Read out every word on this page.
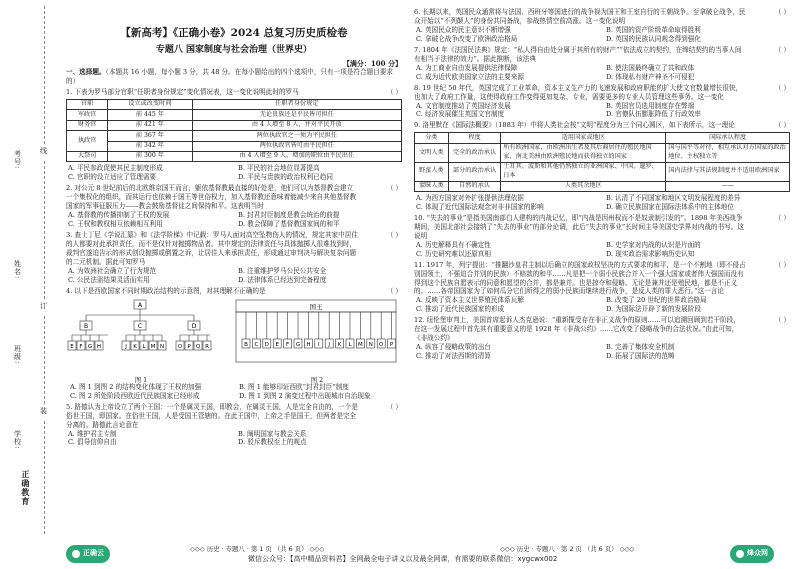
考号:
姓名:
班级:
学校:
线
订
装
正确教育
【新高考】《正确小卷》2024 总复习历史质检卷
专题八 国家制度与社会治理（世界史）
【满分：100 分】
一、选择题。（本题共 16 小题，每小题 3 分，共 48 分。在每小题给出的四个选项中，只有一项是符合题目要求的）
1. 下表为罗马部分官职“任职者身份规定”变化情况表，这一变化说明此时的罗马	（ ）
官职	设立或改变时间	任职者身份规定
军政官	前 445 年	无论贵族还是平民皆可担任
财务官	前 421 年	由 4 人增至 8 人，并对平民开放
执政官	前 367 年	两位执政官之一须为平民担任
	前 342 年	两位执政官皆可由平民担任
大祭司	前 300 年	由 4 人增至 9 人，增加的职位由平民出任
A. 平民参政促使其民主制度形成	B. 平民的社会地位显著提高
C. 官职的设立适应了管理需要	D. 平民与贵族的政治权利已趋同
2. 对公元 8 世纪前后的北欧维京国王而言，躯依基督教最直接的好处是，他们可以为基督教会建立一个集权化的组织，而其运行也依赖于国王等世俗权力，加入基督教还意味着能减少来自其他基督教国家的军事征服压力——教会鼓励基督徒之间保持和平。这表明当时
（ ）
A. 基督教的传播抑制了王权的发展	B. 封君封臣制度是教会统治的前提
C. 王权和教权相互依赖相互利用	D. 教会保障了基督教国家间的和平
3. 查士丁尼《学说汇纂》和《法学阶梯》中记载：罗马人面对高空坠物伤人的情况，规定其家中居住的人都要对此承担责任，而不是仅针对抛掷物品者。其中规定的法律责任与具体抛掷人很难找到时，裁判官遂迫告示的形式创设抛掷或倒置之诉，让居住人来承担责任，形成通过审判决与解决复杂问题的二元机制。据此可知罗马
（ ）
A. 为效洲社会确立了行为规范	B. 注重维护罗马公民公共安全
C. 公民法需结果灵活而实用	D. 法律体系已经达到完备程度
4. 以下是西欧国家不同时期政治结构的示意图，对其理解不正确的是	（ ）
A
B	C	D
E F G H	J K L M N	O P Q R
图 1
国王
B C D E F G H I J K L M N O P
图 2
A. 图 1 到图 2 的结构变化体现了王权的加强	B. 图 1 能够印证西欧“封君封臣”制度
C. 图 2 所处阶段西欧近代民族国家已经形成	D. 图 1 到图 2 演变过程中出现城市自治现象
5. 路德认为上帝设立了两个王国：一个是属灵王国，即教会，在属灵王国，人是完全自由的，一个是俗世王国，即国家。在俗世王国，人是受国王管辖的。在此王国中，上帝之手是国王，但两者是完全分离的。路德此言论意在
（ ）
A. 维护君主专制	B. 阐明国家与教会关系
C. 倡导信仰自由	D. 驳斥教权至上的观点
6. 长期以来，英国民众通常将与法国、西班牙等国进行的战争视为国王和王室自行的王朝战争。至拿破仑战争，民众开始以“不列颠人”的身份共同备战，参战热情空前高涨。这一变化说明
（ ）
A. 英国民众的民主意识不断增强	B. 英国的资产阶级革命取得胜利
C. 拿破仑战争改变了欧洲政治格局	D. 英国的民族认同观念得到强化
7. 1804 年《法国民法典》规定：“私人得自由处分属于其所有的财产”“依法成立的契约，在缔结契约的当事人间有相当于法律的效力”。据此推断，该法典
（ ）
A. 为工商业自由发展提供法律保障	B. 使法国最终确立了共和政体
C. 成为近代欧美国家立法的主要来源	D. 体现私有财产神圣不可侵犯
8. 19 世纪 50 年代，英国完成了工业革命，资本主义生产力的飞速发展和政府职能的扩大使文官数量增长很快，也加大了政府工作量，这使得政府工作变得更加复杂、专业，需要更多的专业人员管理这些事务。这一变化
（ ）
A. 文官制度推动了英国经济发展	B. 英国官员选用制度存在弊端
C. 经济发展催生英国文官制度	D. 官僚队伍膨胀降低了行政效率
9. 洛里默在《国际法概要》（1883 年）中将人类社会按“文明”程度分为三个同心圆区，如下表所示，这一理论	（ ）
分类	程度	适用国家或地区	国际承认程度
文明人类	完全的政治承认	所有欧洲国家，由欧洲出生者及其后裔居住的殖民地国家、南北美洲由欧洲殖民地而获得独立的国家	国与国平等对待，相互承认对方国家的政治地位、主权独立等
野蛮人类	部分的政治承认	土耳其、波斯和其他仍然独立的亚洲国家、中国、暹罗、日本	国内法律与其法规制度并不适用欧洲国家
蒙昧人类	自然的承认	人类其余地区	——
A. 为西方国家对外扩张提供法理依据	B. 认清了不同国家和地区文明发展程度的差异
C. 体现了近代国际法观念对非非国家的影响	D. 确立民族国家在国际法体系中的主体地位
10. “失去的事业”是指美国南部白人建构的内战记忆，即“内战是因州权而不是奴隶制引发的”。1898 年美西战争期间，美国北部社会接纳了“失去的事业”的部分论调，此后“失去的事业”长时间主导美国史学界对内战的书写。这说明
（ ）
A. 历史解释具有不确定性	B. 史学家对内战的认识是片面的
C. 历史研究难以还原真相	D. 现实政治需求影响历史认知
11. 1917 年，列宁提出：“推翻沙皇君主制以后确立的国家政权坚决的方式要求的和平，是一个不割地（即不侵占别国领土，不强迫合并别的民族）不赔款的和平……凡是把一个弱小民族合并入一个强大国家或者伟大强国而没有得到这个民族自愿表示的同意和愿望的合并，都是兼并。也是掠夺和侵略。无论是兼并还是殖民地，都是不正义的。……各帝国国家为了如何瓜分它们所得之的弱小民族而继续进行战争，是反人类的罪大恶行。”这一言论
（ ）
A. 反映了资本主义世界殖民体系瓦解	B. 改变了 20 世纪的世界政治格局
C. 推动了近代民族国家的形成	D. 为国际法开辟了新的发展阶段
12. 纽伦堡审判上，美国首席起诉人杰克逊说：“重新揽受存在非正义战争的原则……可以追溯回顾到若干阶段，在这一发展过程中首先其有重要意义的是 1928 年《非战公约》……它改变了侵略战争的合法状况。”由此可知，《非战公约》
（ ）
A. 纵容了侵略政策的出台	B. 完善了集体安全机制
C. 推动了对法西斯的清算	D. 拓展了国际法的范畴
正确云
◇◇◇ 历史 · 专题八 · 第 1 页 （共 6 页） ◇◇◇	◇◇◇ 历史 · 专题八 · 第 2 页 （共 6 页） ◇◇◇
微信公众号：【高中精品资料君】全网最全电子讲义以及最全网课，有需要的联系微信：xygcwx002
烽众网
